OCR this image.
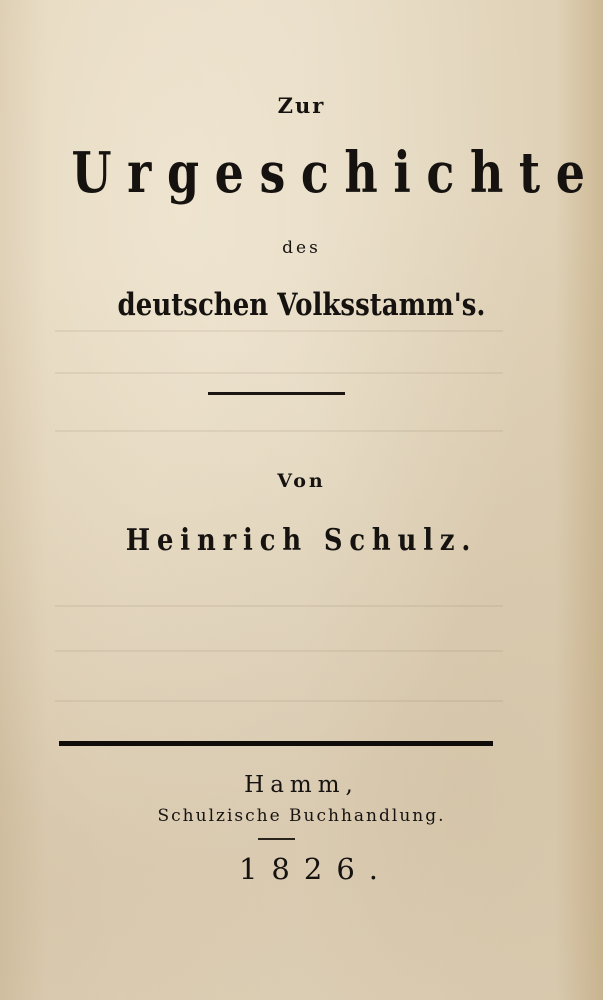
Zur
Urgeschichte
des
deutschen Volksstamm's.
Von
Heinrich Schulz.
Hamm,
Schulzische Buchhandlung.
1826.
